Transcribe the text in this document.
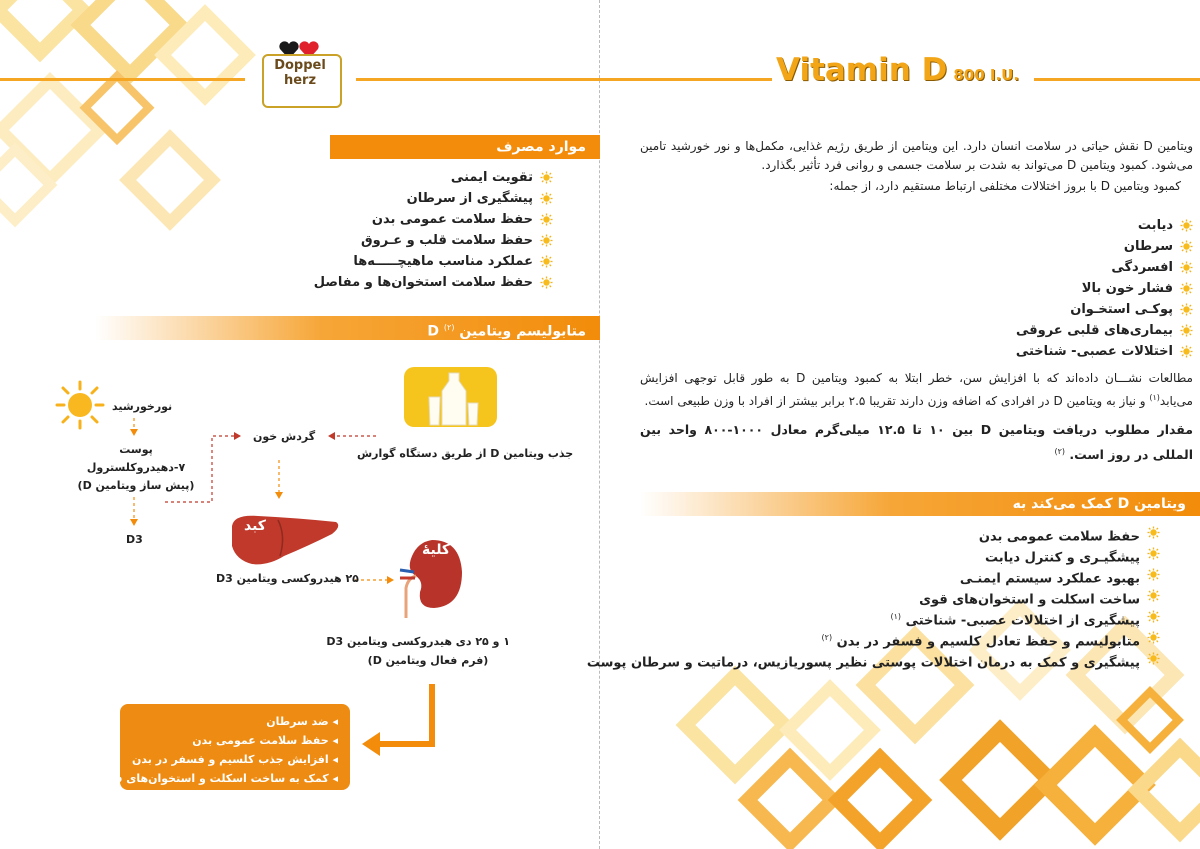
Doppel
herz	Vitamin D 800 I.U.

ویتامین D نقش حیاتی در سلامت انسان دارد. این ویتامین از طریق رژیم غذایی، مکمل‌ها و نور خورشید تامین می‌شود. کمبود ویتامین D می‌تواند به شدت بر سلامت جسمی و روانی فرد تأثیر بگذارد.

کمبود ویتامین D با بروز اختلالات مختلفی ارتباط مستقیم دارد، از جمله:

دیابت
سرطان
افسردگی
فشار خون بالا
پوکـی استخـوان
بیماری‌های قلبی عروقی
اختلالات عصبی- شناختی

مطالعات نشـــان داده‌اند که با افزایش سن، خطر ابتلا به کمبود ویتامین D به طور قابل توجهی افزایش می‌یابد$^{(۱)}$ و نیاز به ویتامین D در افرادی که اضافه وزن دارند تقریبا ۲.۵ برابر بیشتر از افراد با وزن طبیعی است.

مقدار مطلوب دریافت ویتامین D بین ۱۰ تا ۱۲.۵ میلی‌گرم معادل ۱۰۰۰-۸۰۰ واحد بین المللی در روز است. $^{(۲)}$

ویتامین D کمک می‌کند به
حفظ سلامت عمومی بدن
پیشگیـری و کنترل دیابت
بهبود عملکرد سیستم ایمنـی
ساخت اسکلت و استخوان‌های قوی
پیشگیری از اختلالات عصبی- شناختی $^{(۱)}$
متابولیسم و حفظ تعادل کلسیم و فسفر در بدن $^{(۲)}$
پیشگیری و کمک به درمان اختلالات پوستی نظیر پسوریازیس، درماتیت و سرطان پوست
موارد مصرف
تقویت ایمنی
پیشگیری از سرطان
حفظ سلامت عمومی بدن
حفظ سلامت قلب و عـروق
عملکرد مناسب ماهیچـــــه‌ها
حفظ سلامت استخوان‌ها و مفاصل
متابولیسم ویتامین D $^{(۲)}$
کبد
کلیهٔ
نورخورشید
پوست
۷-دهیدروکلسترول
(پیش ساز ویتامین D)
D3
جذب ویتامین D از طریق دستگاه گوارش
گردش خون
۲۵ هیدروکسی ویتامین D3
۱ و ۲۵ دی هیدروکسی ویتامین D3
(فرم فعال ویتامین D)
◂ ضد سرطان
◂ حفظ سلامت عمومی بدن
◂ افزایش جذب کلسیم و فسفر در بدن
◂ کمک به ساخت اسکلت و استخوان‌های قوی
